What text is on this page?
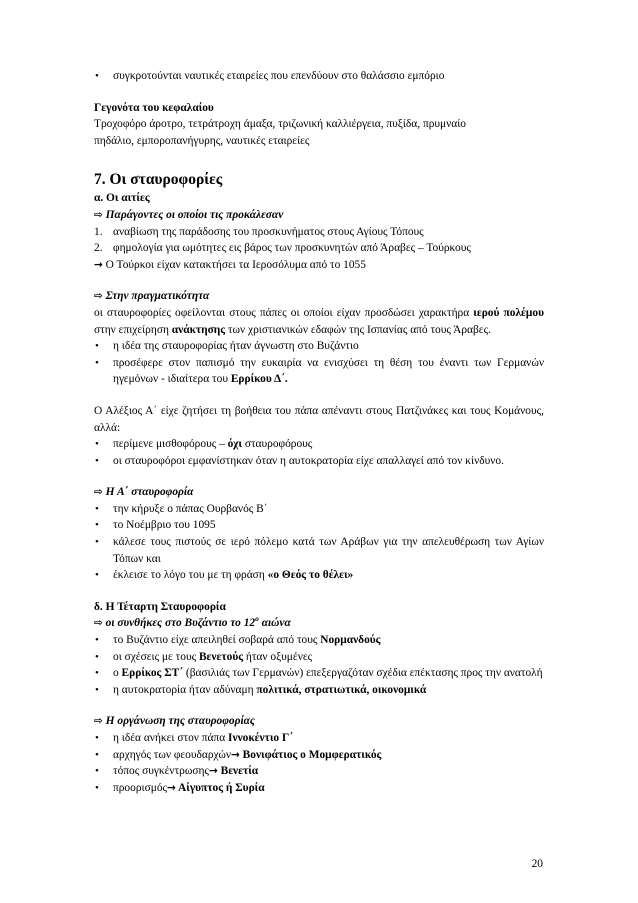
• συγκροτούνται ναυτικές εταιρείες που επενδύουν στο θαλάσσιο εμπόριο

Γεγονότα του κεφαλαίου

Τροχοφόρο άροτρο, τετράτροχη άμαξα, τριζωνική καλλιέργεια, πυξίδα, πρυμναίο

πηδάλιο, εμποροπανήγυρης, ναυτικές εταιρείες

7. Οι σταυροφορίες

α. Οι αιτίες

⇨ Παράγοντες οι οποίοι τις προκάλεσαν

1. αναβίωση της παράδοσης του προσκυνήματος στους Αγίους Τόπους

2. φημολογία για ωμότητες εις βάρος των προσκυνητών από Άραβες – Τούρκους

→ Ο Τούρκοι είχαν κατακτήσει τα Ιεροσόλυμα από το 1055

⇨ Στην πραγματικότητα

οι σταυροφορίες οφείλονται στους πάπες οι οποίοι είχαν προσδώσει χαρακτήρα ιερού πολέμου στην επιχείρηση ανάκτησης των χριστιανικών εδαφών της Ισπανίας από τους Άραβες.

• η ιδέα της σταυροφορίας ήταν άγνωστη στο Βυζάντιο
• προσέφερε στον παπισμό την ευκαιρία να ενισχύσει τη θέση του έναντι των Γερμανών ηγεμόνων - ιδιαίτερα του Ερρίκου Δ΄.

Ο Αλέξιος Α΄ είχε ζητήσει τη βοήθεια του πάπα απέναντι στους Πατζινάκες και τους Κομάνους, αλλά:

• περίμενε μισθοφόρους – όχι σταυροφόρους
• οι σταυροφόροι εμφανίστηκαν όταν η αυτοκρατορία είχε απαλλαγεί από τον κίνδυνο.

⇨ Η Α΄ σταυροφορία

• την κήρυξε ο πάπας Ουρβανός Β΄
• το Νοέμβριο του 1095
• κάλεσε τους πιστούς σε ιερό πόλεμο κατά των Αράβων για την απελευθέρωση των Αγίων Τόπων και
• έκλεισε το λόγο του με τη φράση «ο Θεός το θέλει»

δ. Η Τέταρτη Σταυροφορία

⇨ οι συνθήκες στο Βυζάντιο το $12^o$ αιώνα

• το Βυζάντιο είχε απειληθεί σοβαρά από τους Νορμανδούς
• οι σχέσεις με τους Βενετούς ήταν οξυμένες
• ο Ερρίκος ΣΤ΄ (βασιλιάς των Γερμανών) επεξεργαζόταν σχέδια επέκτασης προς την ανατολή
• η αυτοκρατορία ήταν αδύναμη πολιτικά, στρατιωτικά, οικονομικά

⇨ Η οργάνωση της σταυροφορίας

• η ιδέα ανήκει στον πάπα Ιννοκέντιο Γ΄
• αρχηγός των φεουδαρχών→ Βονιφάτιος ο Μομφερατικός
• τόπος συγκέντρωσης→ Βενετία
• προορισμός→ Αίγυπτος ή Συρία
20
